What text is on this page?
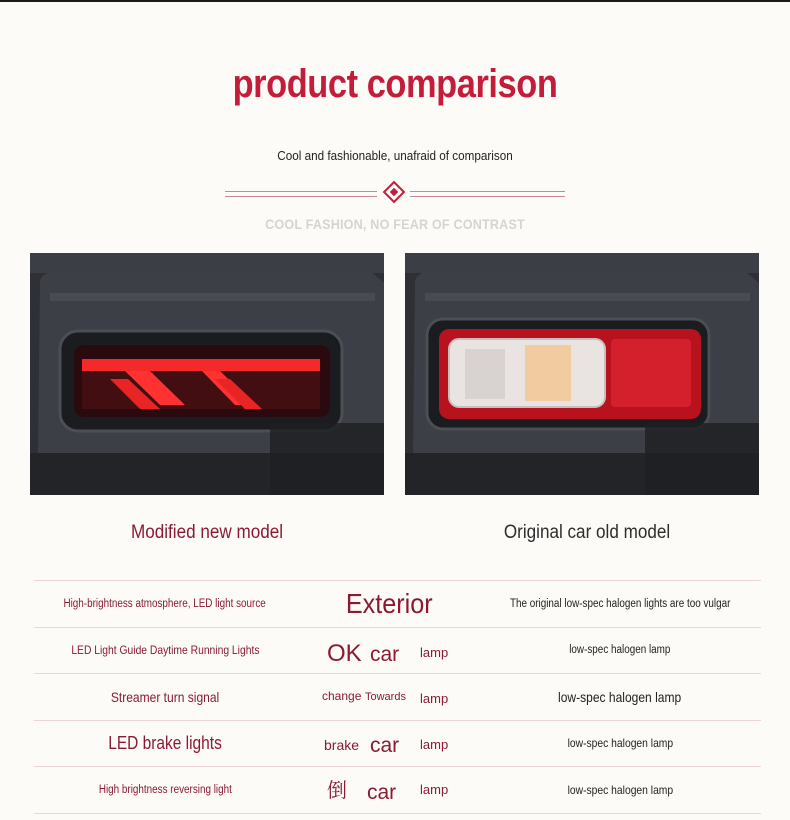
product comparison
Cool and fashionable, unafraid of comparison
COOL FASHION, NO FEAR OF CONTRAST
Modified new model	Original car old model
High-brightness atmosphere, LED light source	Exterior	The original low-spec halogen lights are too vulgar
LED Light Guide Daytime Running Lights	OK car lamp	low-spec halogen lamp
Streamer turn signal	change Towards lamp	low-spec halogen lamp
LED brake lights	brake car lamp	low-spec halogen lamp
High brightness reversing light	倒 car lamp	low-spec halogen lamp
